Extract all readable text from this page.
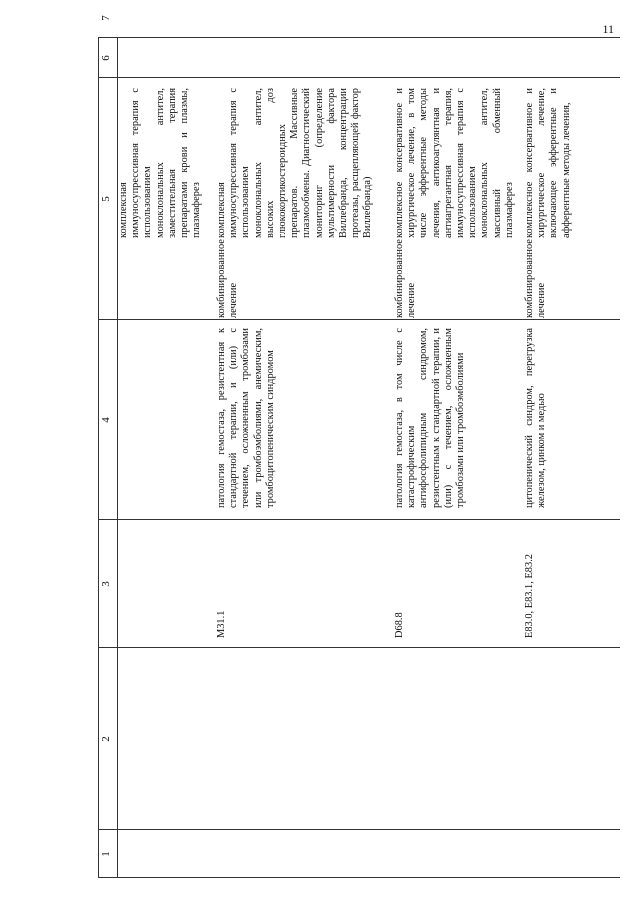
11
1
2
3
4
5
6
7
комплексная иммуносупрессивная терапия с использованием моноклональных антител, заместительная терапия препаратами крови и плазмы, плазмаферез
M31.1
патология гемостаза, резистентная к стандартной терапии, и (или) с течением, осложненным тромбозами или тромбоэмболиями, анемическим, тромбоцитопеническим синдромом
комбинированное лечение
комплексная иммуносупрессивная терапия с использованием моноклональных антител, высоких доз глюкокортикостероидных препаратов. Массивные плазмообмены. Диагностический мониторинг (определение мультимерности фактора Виллебранда, концентрации протеазы, расщепляющей фактор Виллебранда)
D68.8
патология гемостаза, в том числе с катастрофическим антифосфолипидным синдромом, резистентным к стандартной терапии, и (или) с течением, осложненным тромбозами или тромбоэмболиями
комбинированное лечение
комплексное консервативное и хирургическое лечение, в том числе эфферентные методы лечения, антикоагулянтная и антиагрегантная терапия, иммуносупрессивная терапия с использованием моноклональных антител, массивный обменный плазмаферез
E83.0, E83.1, E83.2
цитопенический синдром, перегрузка железом, цинком и медью
комбинированное лечение
комплексное консервативное и хирургическое лечение, включающее эфферентные и афферентные методы лечения,
